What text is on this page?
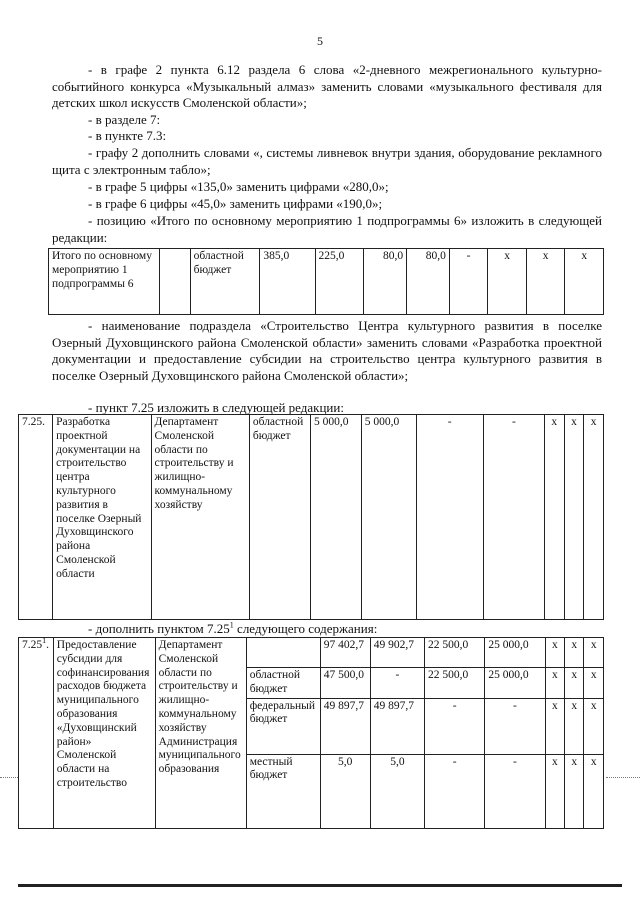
5
- в графе 2 пункта 6.12 раздела 6 слова «2-дневного межрегионального культурно-событийного конкурса «Музыкальный алмаз» заменить словами «музыкального фестиваля для детских школ искусств Смоленской области»;
- в разделе 7:
- в пункте 7.3:
- графу 2 дополнить словами «, системы ливневок внутри здания, оборудование рекламного щита с электронным табло»;
- в графе 5 цифры «135,0» заменить цифрами «280,0»;
- в графе 6 цифры «45,0» заменить цифрами «190,0»;
- позицию «Итого по основному мероприятию 1 подпрограммы 6» изложить в следующей редакции:
Итого по основному мероприятию 1 подпрограммы 6		областной бюджет	385,0	225,0	80,0	80,0	-	х	х	х
- наименование подраздела «Строительство Центра культурного развития в поселке Озерный Духовщинского района Смоленской области» заменить словами «Разработка проектной документации и предоставление субсидии на строительство центра культурного развития в поселке Озерный Духовщинского района Смоленской области»;
- пункт 7.25 изложить в следующей редакции:
7.25.	Разработка проектной документации на строительство центра культурного развития в поселке Озерный Духовщинского района Смоленской области	Департамент Смоленской области по строительству и жилищно-коммунальному хозяйству	областной бюджет	5 000,0	5 000,0	-	-	х	х	х
- дополнить пунктом 7.25$^1$ следующего содержания:
7.25$^1$.	Предоставление субсидии для софинансирования расходов бюджета муниципального образования «Духовщинский район» Смоленской области на строительство	Департамент Смоленской области по строительству и жилищно-коммунальному хозяйству Администрация муниципального образования		97 402,7	49 902,7	22 500,0	25 000,0	х	х	х
			областной бюджет	47 500,0	-	22 500,0	25 000,0	х	х	х
			федеральный бюджет	49 897,7	49 897,7	-	-	х	х	х
			местный бюджет	5,0	5,0	-	-	х	х	х
